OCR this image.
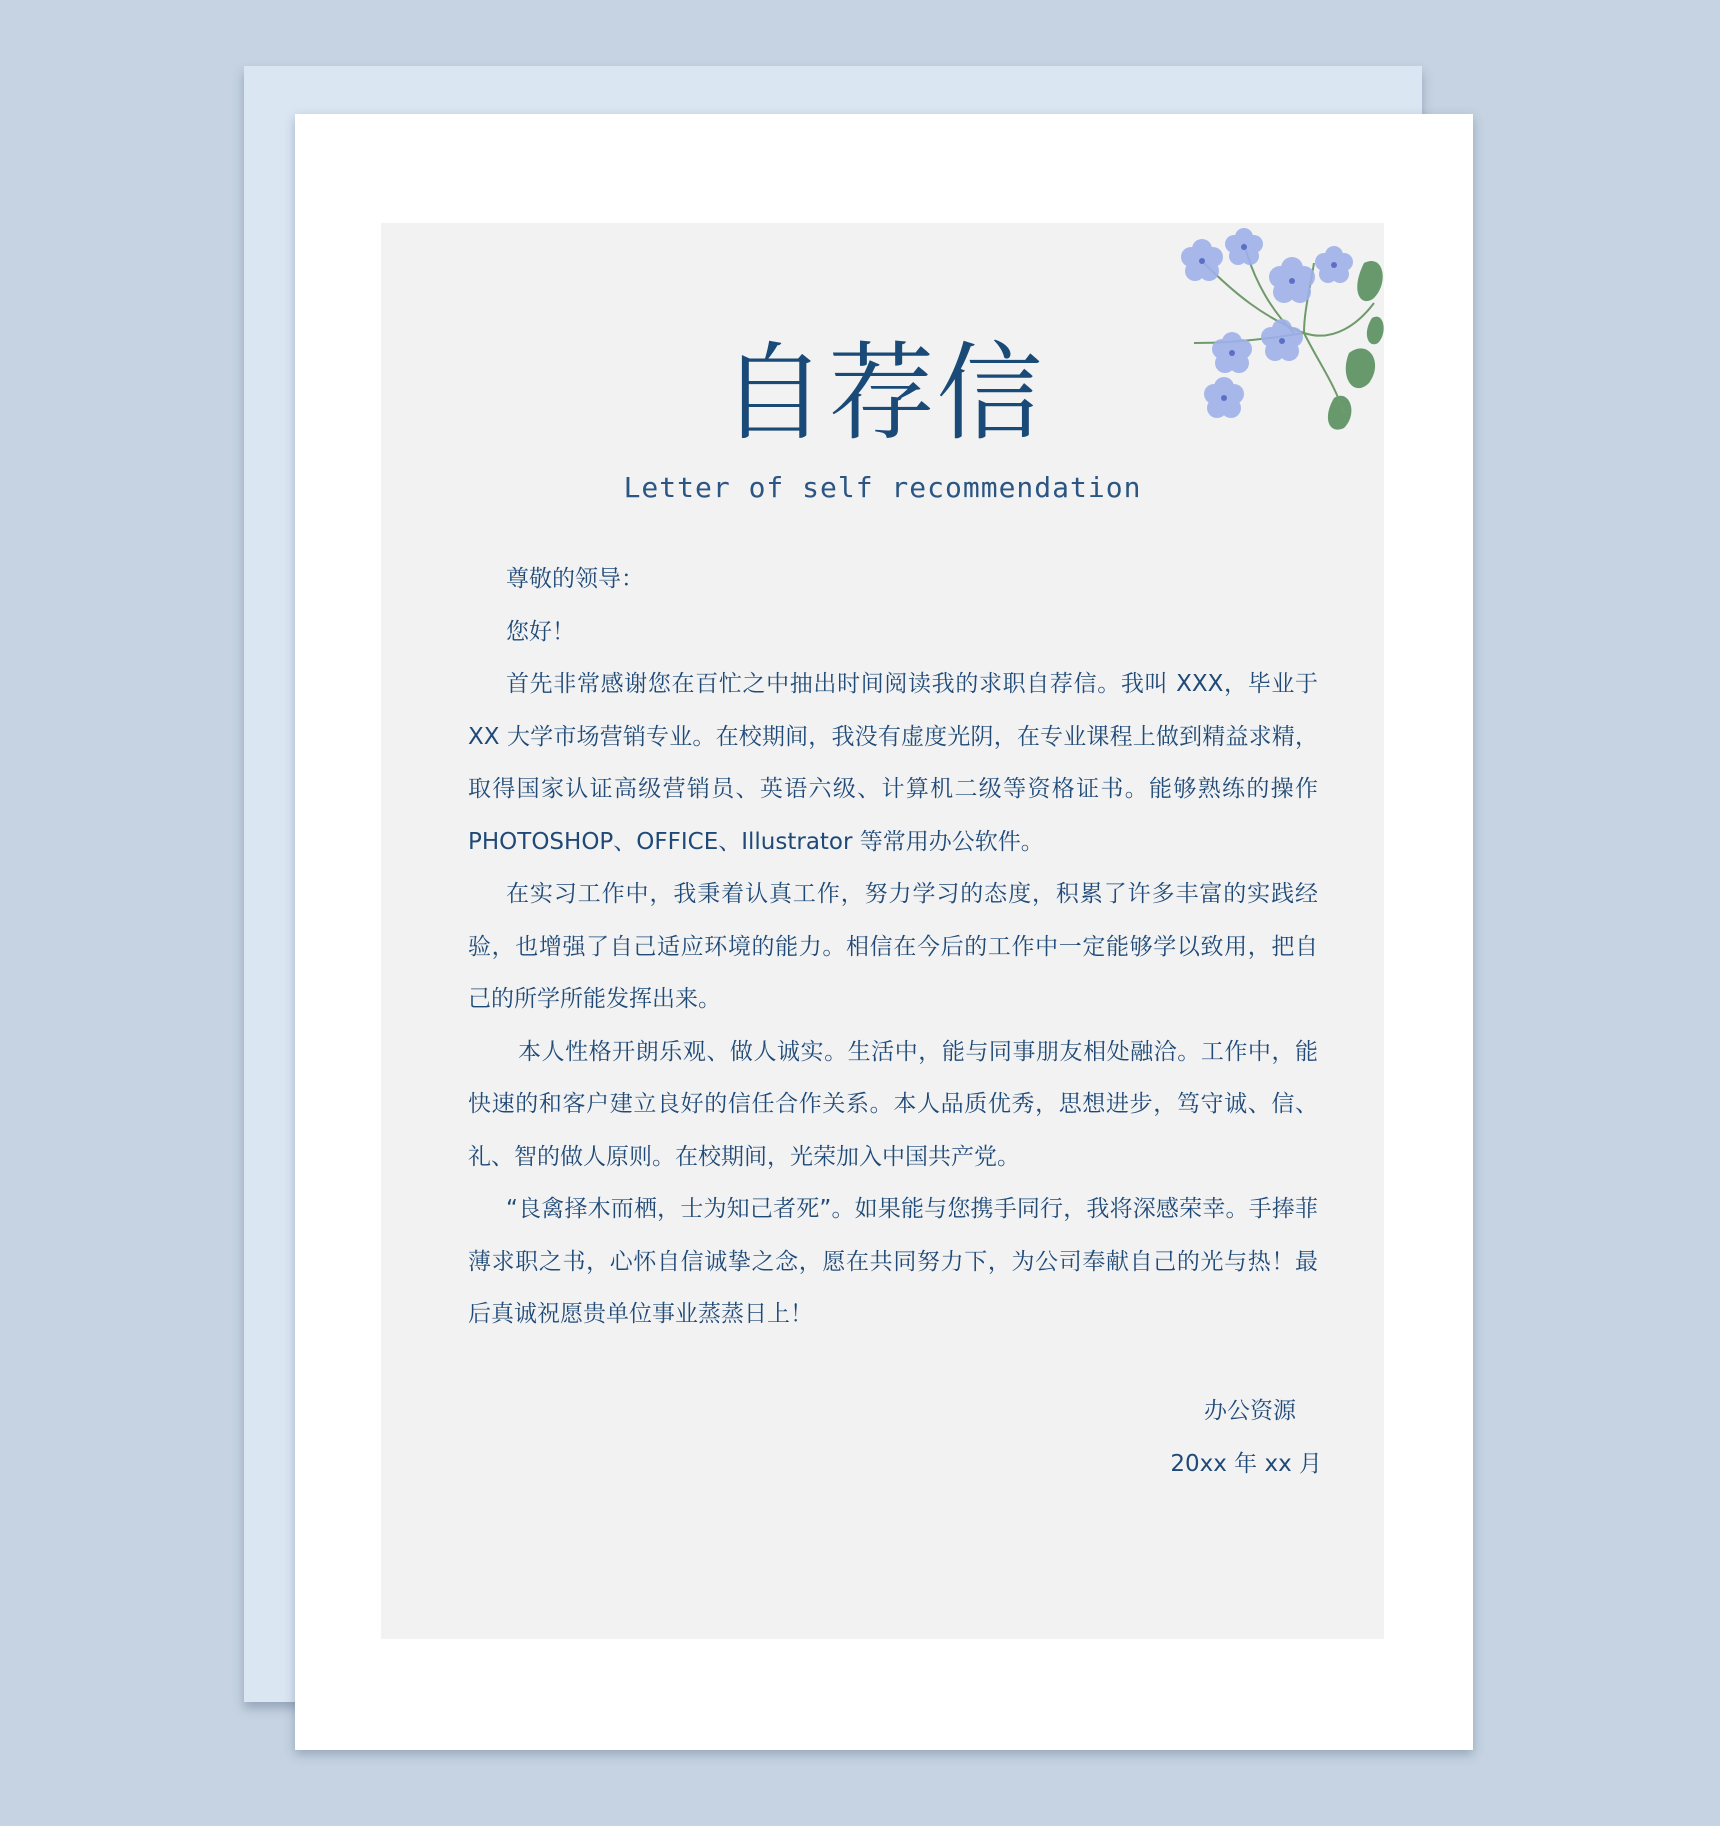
自荐信
Letter of self recommendation

尊敬的领导：

您好！

首先非常感谢您在百忙之中抽出时间阅读我的求职自荐信。我叫 XXX，毕业于 XX 大学市场营销专业。在校期间，我没有虚度光阴，在专业课程上做到精益求精，取得国家认证高级营销员、英语六级、计算机二级等资格证书。能够熟练的操作 PHOTOSHOP、OFFICE、Illustrator 等常用办公软件。

在实习工作中，我秉着认真工作，努力学习的态度，积累了许多丰富的实践经验，也增强了自己适应环境的能力。相信在今后的工作中一定能够学以致用，把自己的所学所能发挥出来。

本人性格开朗乐观、做人诚实。生活中，能与同事朋友相处融洽。工作中，能快速的和客户建立良好的信任合作关系。本人品质优秀，思想进步，笃守诚、信、礼、智的做人原则。在校期间，光荣加入中国共产党。

“良禽择木而栖，士为知己者死”。如果能与您携手同行，我将深感荣幸。手捧菲薄求职之书，心怀自信诚挚之念，愿在共同努力下，为公司奉献自己的光与热！最后真诚祝愿贵单位事业蒸蒸日上！

办公资源
20xx 年 xx 月
